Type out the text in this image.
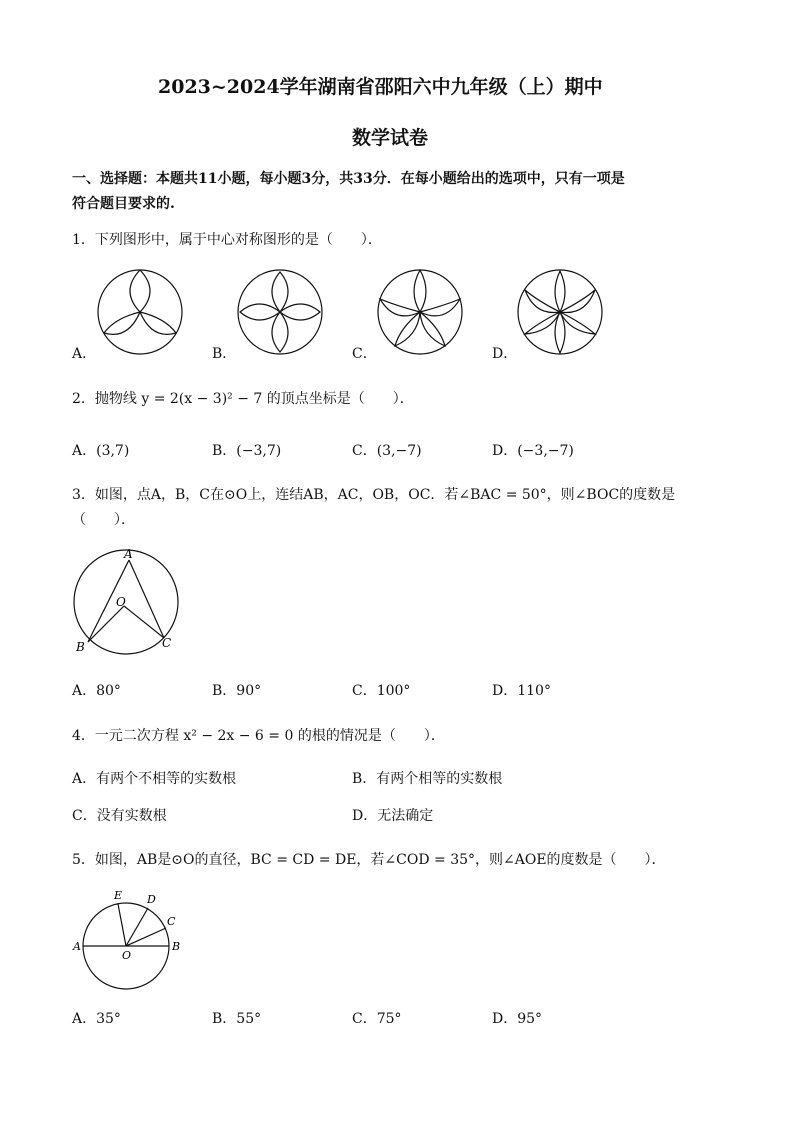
2023~2024学年湖南省邵阳六中九年级（上）期中
数学试卷
一、选择题：本题共11小题，每小题3分，共33分．在每小题给出的选项中，只有一项是
符合题目要求的.
1．下列图形中，属于中心对称图形的是（　　）．
A．	B．	C．	D．
2．抛物线 y = 2(x − 3)² − 7 的顶点坐标是（　　）．
A．(3,7)	B．(−3,7)	C．(3,−7)	D．(−3,−7)
3．如图，点A，B，C在⊙O上，连结AB，AC，OB，OC．若∠BAC = 50°，则∠BOC的度数是
（　　）．
A
O
B	C
A．80°	B．90°	C．100°	D．110°
4．一元二次方程 x² − 2x − 6 = 0 的根的情况是（　　）．
A．有两个不相等的实数根	B．有两个相等的实数根
C．没有实数根	D．无法确定
5．如图，AB是⊙O的直径，BC = CD = DE，若∠COD = 35°，则∠AOE的度数是（　　）．
E D
C
A
O
B
A．35°	B．55°	C．75°	D．95°
